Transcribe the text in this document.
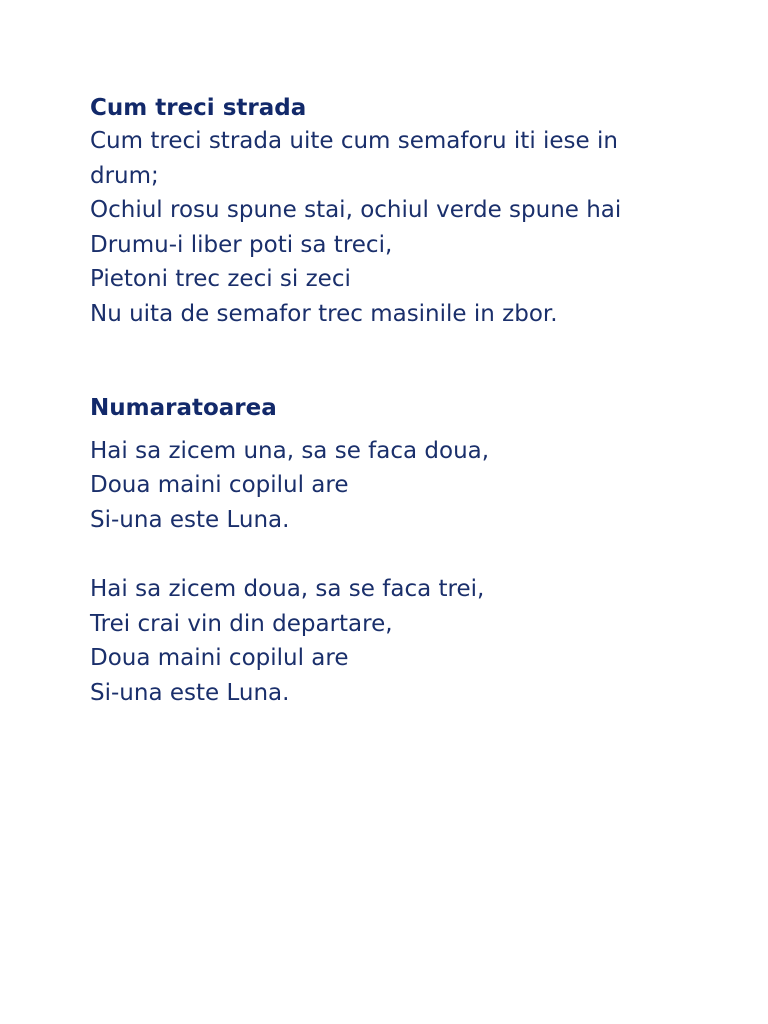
Cum treci strada

Cum treci strada uite cum semaforu iti iese in drum;

Ochiul rosu spune stai, ochiul verde spune hai

Drumu-i liber poti sa treci,

Pietoni trec zeci si zeci

Nu uita de semafor trec masinile in zbor.

Numaratoarea

Hai sa zicem una, sa se faca doua,

Doua maini copilul are

Si-una este Luna.

Hai sa zicem doua, sa se faca trei,

Trei crai vin din departare,

Doua maini copilul are

Si-una este Luna.
